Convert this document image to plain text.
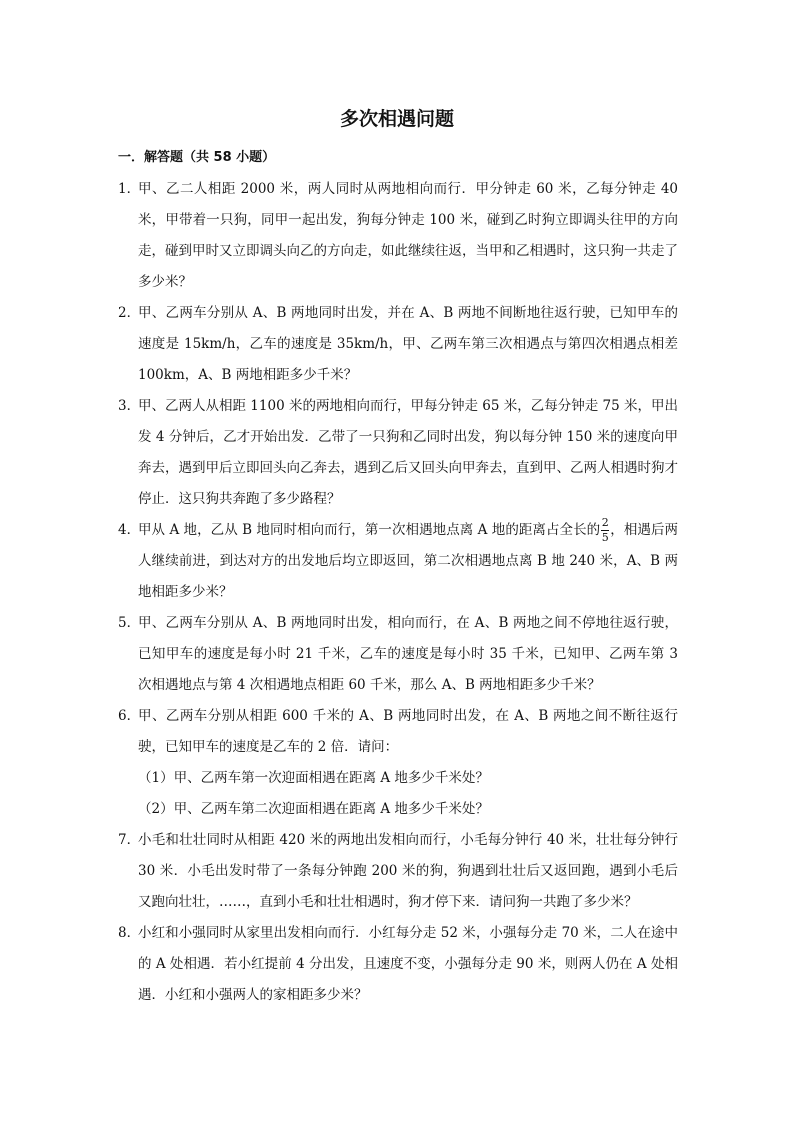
多次相遇问题
一．解答题（共 58 小题）
1．
甲、乙二人相距 2000 米，两人同时从两地相向而行．甲分钟走 60 米，乙每分钟走 40 米，甲带着一只狗，同甲一起出发，狗每分钟走 100 米，碰到乙时狗立即调头往甲的方向走，碰到甲时又立即调头向乙的方向走，如此继续往返，当甲和乙相遇时，这只狗一共走了多少米？
2．
甲、乙两车分别从 A、B 两地同时出发，并在 A、B 两地不间断地往返行驶，已知甲车的速度是 15km/h，乙车的速度是 35km/h，甲、乙两车第三次相遇点与第四次相遇点相差 100km，A、B 两地相距多少千米？
3．
甲、乙两人从相距 1100 米的两地相向而行，甲每分钟走 65 米，乙每分钟走 75 米，甲出发 4 分钟后，乙才开始出发．乙带了一只狗和乙同时出发，狗以每分钟 150 米的速度向甲奔去，遇到甲后立即回头向乙奔去，遇到乙后又回头向甲奔去，直到甲、乙两人相遇时狗才停止．这只狗共奔跑了多少路程？
4．
甲从 A 地，乙从 B 地同时相向而行，第一次相遇地点离 A 地的距离占全长的 $\frac{2}{5}$ ，相遇后两人继续前进，到达对方的出发地后均立即返回，第二次相遇地点离 B 地 240 米，A、B 两地相距多少米？
5．
甲、乙两车分别从 A、B 两地同时出发，相向而行，在 A、B 两地之间不停地往返行驶，已知甲车的速度是每小时 21 千米，乙车的速度是每小时 35 千米，已知甲、乙两车第 3 次相遇地点与第 4 次相遇地点相距 60 千米，那么 A、B 两地相距多少千米？
6．
甲、乙两车分别从相距 600 千米的 A、B 两地同时出发，在 A、B 两地之间不断往返行驶，已知甲车的速度是乙车的 2 倍．请问：
（1）甲、乙两车第一次迎面相遇在距离 A 地多少千米处？
（2）甲、乙两车第二次迎面相遇在距离 A 地多少千米处？
7．
小毛和壮壮同时从相距 420 米的两地出发相向而行，小毛每分钟行 40 米，壮壮每分钟行 30 米．小毛出发时带了一条每分钟跑 200 米的狗，狗遇到壮壮后又返回跑，遇到小毛后又跑向壮壮，……，直到小毛和壮壮相遇时，狗才停下来．请问狗一共跑了多少米？
8．
小红和小强同时从家里出发相向而行．小红每分走 52 米，小强每分走 70 米，二人在途中的 A 处相遇．若小红提前 4 分出发，且速度不变，小强每分走 90 米，则两人仍在 A 处相遇．小红和小强两人的家相距多少米？
